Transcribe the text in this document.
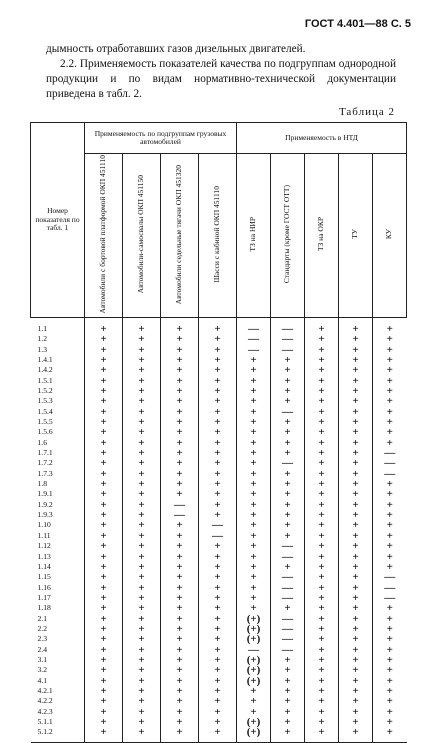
ГОСТ 4.401—88 С. 5
дымность отработавших газов дизельных двигателей.
2.2. Применяемость показателей качества по подгруппам однородной продукции и по видам нормативно-технической документации приведена в табл. 2.
Таблица 2
Номер показателя по табл. 1	Применяемость по подгруппам грузовых автомобилей				Применяемость в НТД				
	Автомобили с бортовой платформой ОКП 451110	Автомобили-самосвалы ОКП 451150	Автомобили седельные тягачи ОКП 451320	Шасси с кабиной ОКП 451110	ТЗ на НИР	Стандарты (кроме ГОСТ ОТТ)	ТЗ на ОКР	ТУ	КУ
1.1	+	+	+	+	—	—	+	+	+
1.2	+	+	+	+	—	—	+	+	+
1.3	+	+	+	+	—	—	+	+	+
1.4.1	+	+	+	+	+	+	+	+	+
1.4.2	+	+	+	+	+	+	+	+	+
1.5.1	+	+	+	+	+	+	+	+	+
1.5.2	+	+	+	+	+	+	+	+	+
1.5.3	+	+	+	+	+	+	+	+	+
1.5.4	+	+	+	+	+	—	+	+	+
1.5.5	+	+	+	+	+	+	+	+	+
1.5.6	+	+	+	+	+	+	+	+	+
1.6	+	+	+	+	+	+	+	+	+
1.7.1	+	+	+	+	+	+	+	+	—
1.7.2	+	+	+	+	+	—	+	+	—
1.7.3	+	+	+	+	+	+	+	+	—
1.8	+	+	+	+	+	+	+	+	+
1.9.1	+	+	+	+	+	+	+	+	+
1.9.2	+	+	—	+	+	+	+	+	+
1.9.3	+	+	—	+	+	+	+	+	+
1.10	+	+	+	—	+	+	+	+	+
1.11	+	+	+	—	+	+	+	+	+
1.12	+	+	+	+	+	—	+	+	+
1.13	+	+	+	+	+	—	+	+	+
1.14	+	+	+	+	+	+	+	+	+
1.15	+	+	+	+	+	—	+	+	—
1.16	+	+	+	+	+	—	+	+	—
1.17	+	+	+	+	+	—	+	+	—
1.18	+	+	+	+	+	+	+	+	+
2.1	+	+	+	+	(+)	—	+	+	+
2.2	+	+	+	+	(+)	—	+	+	+
2.3	+	+	+	+	(+)	—	+	+	+
2.4	+	+	+	+	—	—	+	+	+
3.1	+	+	+	+	(+)	+	+	+	+
3.2	+	+	+	+	(+)	+	+	+	+
4.1	+	+	+	+	(+)	+	+	+	+
4.2.1	+	+	+	+	+	+	+	+	+
4.2.2	+	+	+	+	+	+	+	+	+
4.2.3	+	+	+	+	+	+	+	+	+
5.1.1	+	+	+	+	(+)	+	+	+	+
5.1.2	+	+	+	+	(+)	+	+	+	+
